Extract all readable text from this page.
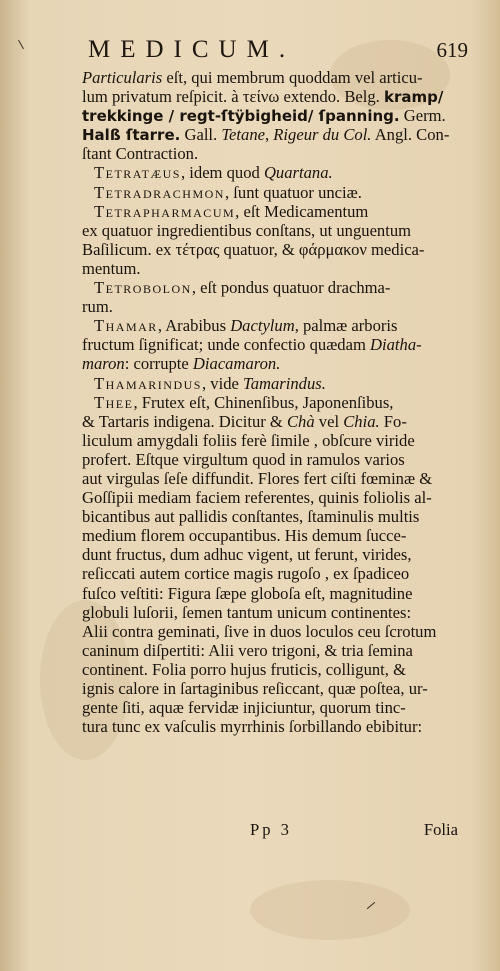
MEDICUM.	619
Particularis eſt, qui membrum quoddam vel articu-
lum privatum reſpicit. à τείνω extendo. Belg. kramp/
trekkinge / regt-ſtÿbigheid/ ſpanning. Germ.
Halß ſtarre. Gall. Tetane, Rigeur du Col. Angl. Con-
ſtant Contraction.
Tetratæus, idem quod Quartana.
Tetradrachmon, ſunt quatuor unciæ.
Tetrapharmacum, eſt Medicamentum
ex quatuor ingredientibus conſtans, ut unguentum
Baſilicum. ex τέτρας quatuor, & φάρμακον medica-
mentum.
Tetrobolon, eſt pondus quatuor drachma-
rum.
Thamar, Arabibus Dactylum, palmæ arboris
fructum ſignificat; unde confectio quædam Diatha-
maron: corrupte Diacamaron.
Thamarindus, vide Tamarindus.
Thee, Frutex eſt, Chinenſibus, Japonenſibus,
& Tartaris indigena. Dicitur & Chà vel Chia. Fo-
liculum amygdali foliis ferè ſimile , obſcure viride
profert. Eſtque virgultum quod in ramulos varios
aut virgulas ſeſe diffundit. Flores fert ciſti fœminæ &
Goſſipii mediam faciem referentes, quinis foliolis al-
bicantibus aut pallidis conſtantes, ſtaminulis multis
medium florem occupantibus. His demum ſucce-
dunt fructus, dum adhuc vigent, ut ferunt, virides,
reſiccati autem cortice magis rugoſo , ex ſpadiceo
fuſco veſtiti: Figura ſæpe globoſa eſt, magnitudine
globuli luſorii, ſemen tantum unicum continentes:
Alii contra geminati, ſive in duos loculos ceu ſcrotum
caninum diſpertiti: Alii vero trigoni, & tria ſemina
continent. Folia porro hujus fruticis, colligunt, &
ignis calore in ſartaginibus reſiccant, quæ poſtea, ur-
gente ſiti, aquæ fervidæ injiciuntur, quorum tinc-
tura tunc ex vaſculis myrrhinis ſorbillando ebibitur:
Pp 3	Folia
